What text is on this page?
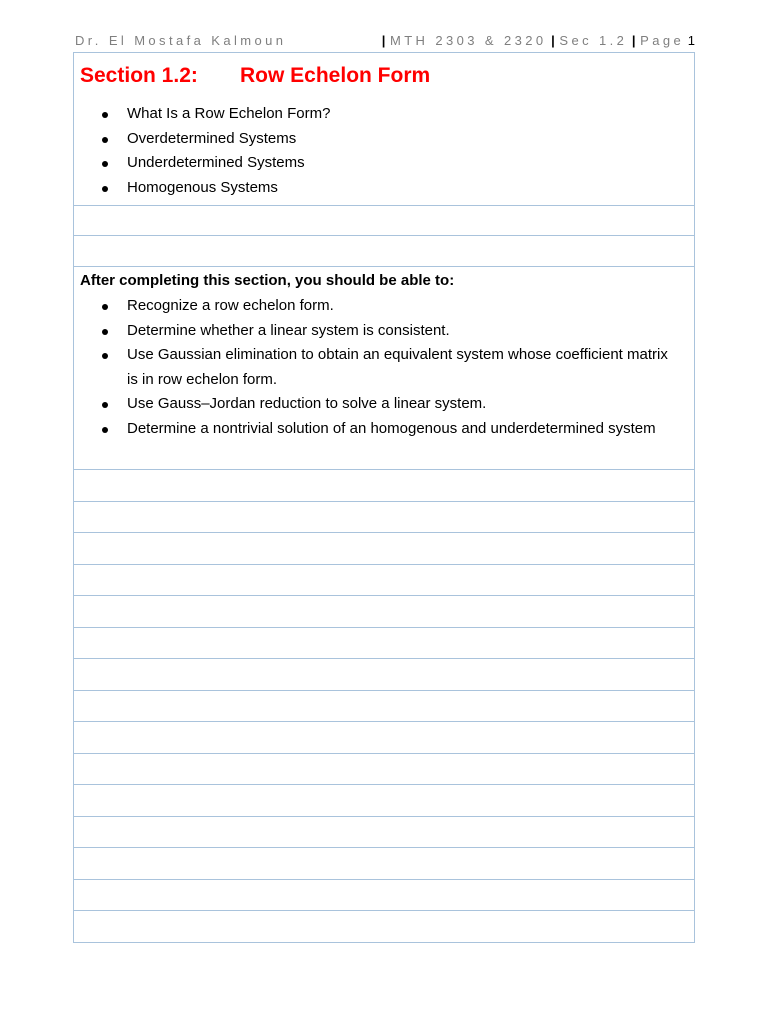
Dr. El Mostafa Kalmoun	| MTH 2303 & 2320 | Sec 1.2 | Page 1
Section 1.2: Row Echelon Form
What Is a Row Echelon Form?
Overdetermined Systems
Underdetermined Systems
Homogenous Systems
After completing this section, you should be able to:
Recognize a row echelon form.
Determine whether a linear system is consistent.
Use Gaussian elimination to obtain an equivalent system whose coefficient matrix is in row echelon form.
Use Gauss–Jordan reduction to solve a linear system.
Determine a nontrivial solution of an homogenous and underdetermined system
